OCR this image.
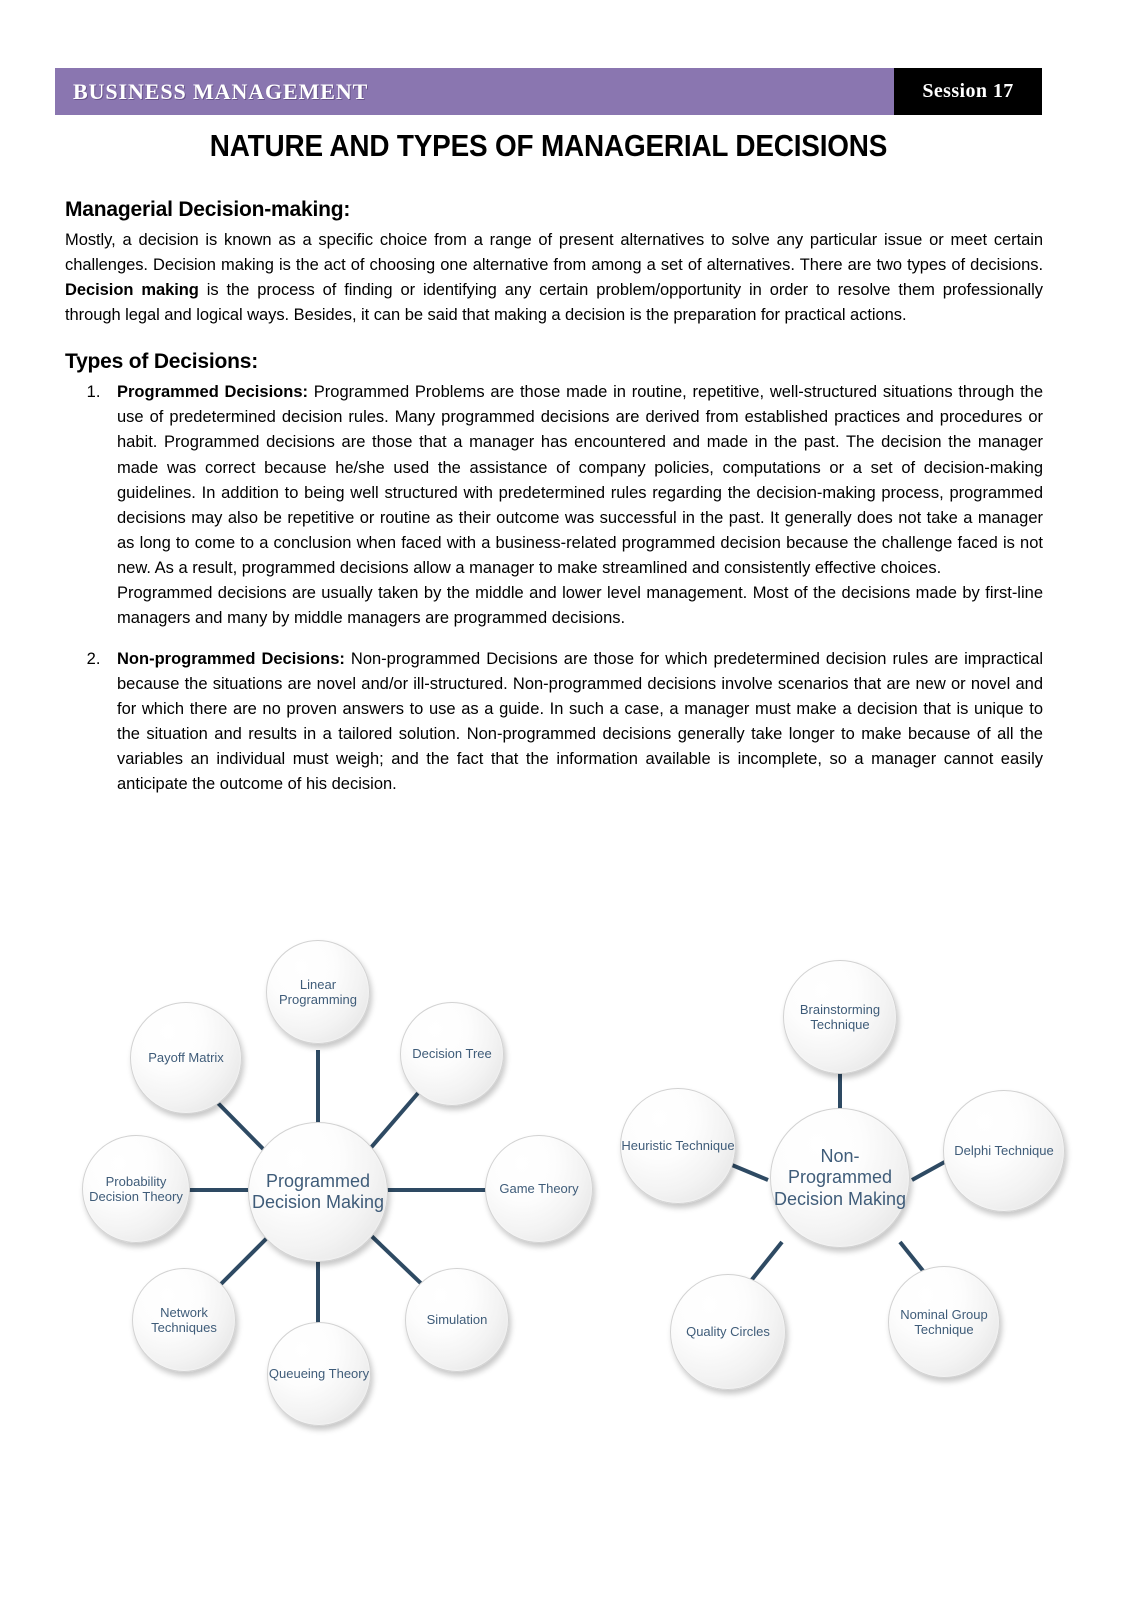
BUSINESS MANAGEMENT	Session 17
NATURE AND TYPES OF MANAGERIAL DECISIONS
Managerial Decision-making:

Mostly, a decision is known as a specific choice from a range of present alternatives to solve any particular issue or meet certain challenges. Decision making is the act of choosing one alternative from among a set of alternatives. There are two types of decisions. Decision making is the process of finding or identifying any certain problem/opportunity in order to resolve them professionally through legal and logical ways. Besides, it can be said that making a decision is the preparation for practical actions.

Types of Decisions:

1. Programmed Decisions: Programmed Problems are those made in routine, repetitive, well-structured situations through the use of predetermined decision rules. Many programmed decisions are derived from established practices and procedures or habit. Programmed decisions are those that a manager has encountered and made in the past. The decision the manager made was correct because he/she used the assistance of company policies, computations or a set of decision-making guidelines. In addition to being well structured with predetermined rules regarding the decision-making process, programmed decisions may also be repetitive or routine as their outcome was successful in the past. It generally does not take a manager as long to come to a conclusion when faced with a business-related programmed decision because the challenge faced is not new. As a result, programmed decisions allow a manager to make streamlined and consistently effective choices.

Programmed decisions are usually taken by the middle and lower level management. Most of the decisions made by first-line managers and many by middle managers are programmed decisions.

2. Non-programmed Decisions: Non-programmed Decisions are those for which predetermined decision rules are impractical because the situations are novel and/or ill-structured. Non-programmed decisions involve scenarios that are new or novel and for which there are no proven answers to use as a guide. In such a case, a manager must make a decision that is unique to the situation and results in a tailored solution. Non-programmed decisions generally take longer to make because of all the variables an individual must weigh; and the fact that the information available is incomplete, so a manager cannot easily anticipate the outcome of his decision.

Programmed Decision Making
Linear Programming
Decision Tree
Game Theory
Simulation
Queueing Theory
Network Techniques
Probability Decision Theory
Payoff Matrix
Non-Programmed Decision Making
Brainstorming Technique
Delphi Technique
Nominal Group Technique
Quality Circles
Heuristic Technique
